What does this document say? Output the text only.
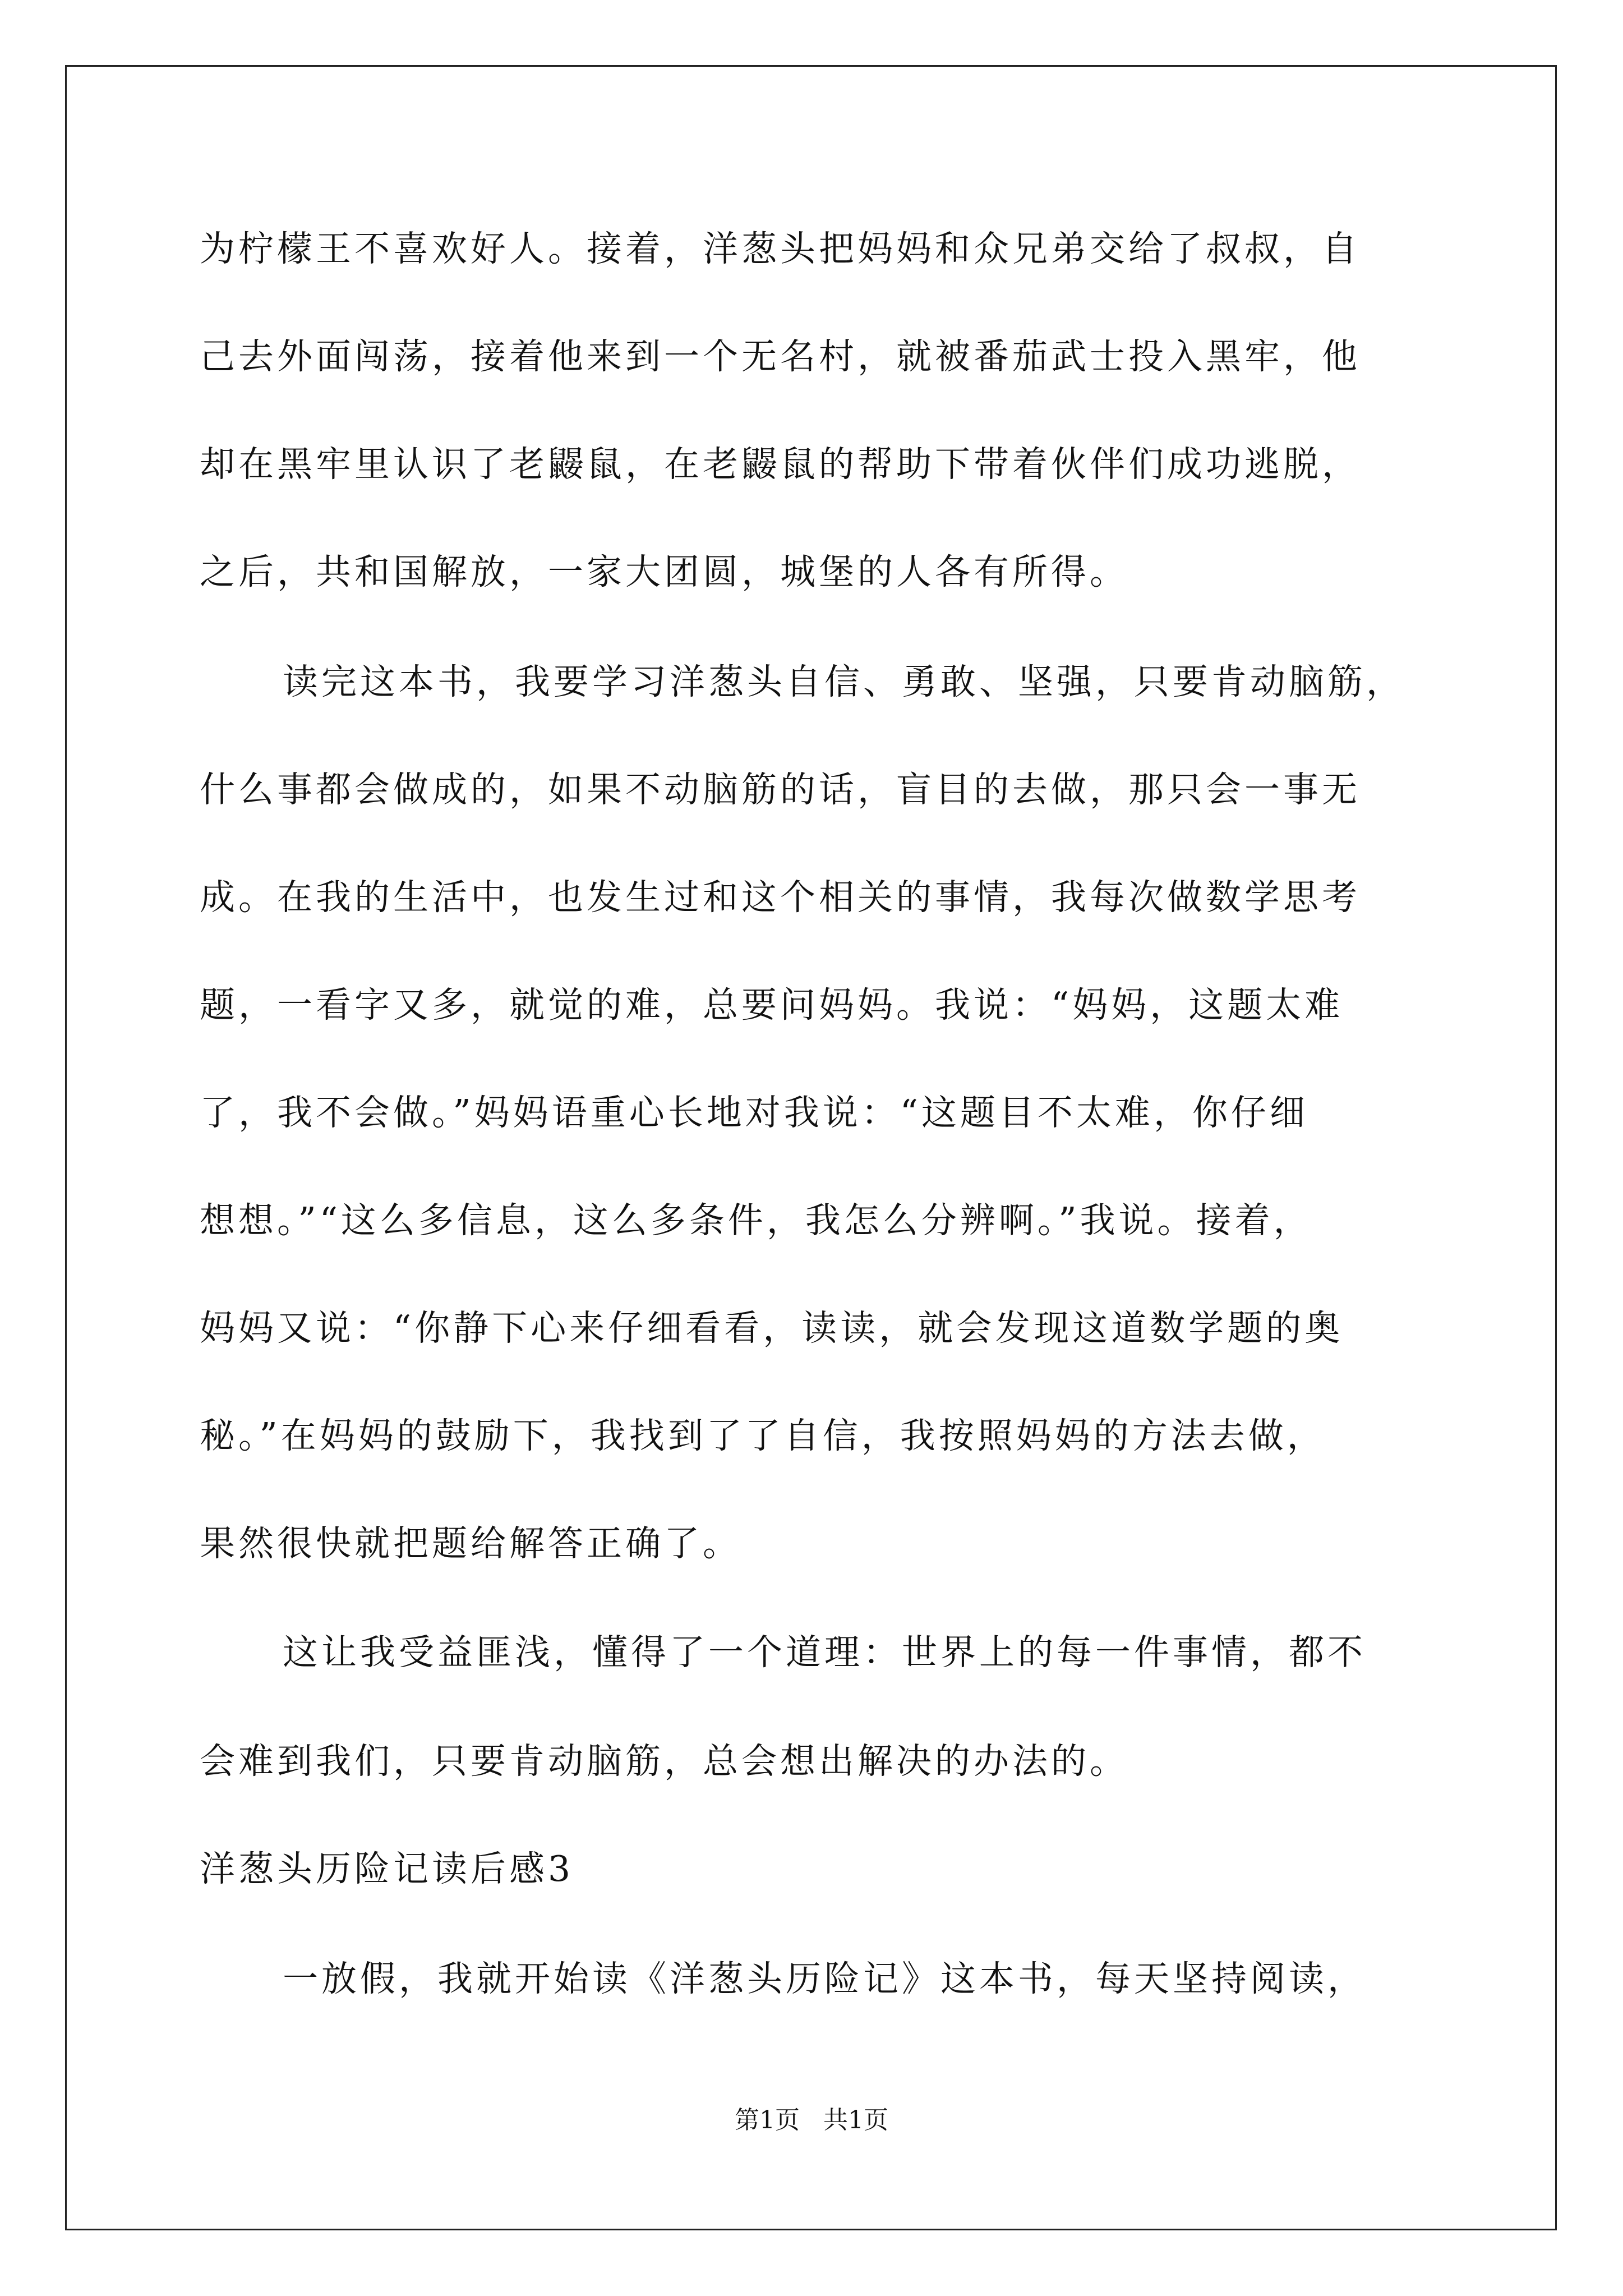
为柠檬王不喜欢好人。接着，洋葱头把妈妈和众兄弟交给了叔叔，自
己去外面闯荡，接着他来到一个无名村，就被番茄武士投入黑牢，他
却在黑牢里认识了老鼹鼠，在老鼹鼠的帮助下带着伙伴们成功逃脱，
之后，共和国解放，一家大团圆，城堡的人各有所得。
读完这本书，我要学习洋葱头自信、勇敢、坚强，只要肯动脑筋，
什么事都会做成的，如果不动脑筋的话，盲目的去做，那只会一事无
成。在我的生活中，也发生过和这个相关的事情，我每次做数学思考
题，一看字又多，就觉的难，总要问妈妈。我说：“妈妈，这题太难
了，我不会做。”妈妈语重心长地对我说：“这题目不太难，你仔细
想想。”“这么多信息，这么多条件，我怎么分辨啊。”我说。接着，
妈妈又说：“你静下心来仔细看看，读读，就会发现这道数学题的奥
秘。”在妈妈的鼓励下，我找到了了自信，我按照妈妈的方法去做，
果然很快就把题给解答正确了。
这让我受益匪浅，懂得了一个道理：世界上的每一件事情，都不
会难到我们，只要肯动脑筋，总会想出解决的办法的。
洋葱头历险记读后感3
一放假，我就开始读《洋葱头历险记》这本书，每天坚持阅读，
第1页   共1页
